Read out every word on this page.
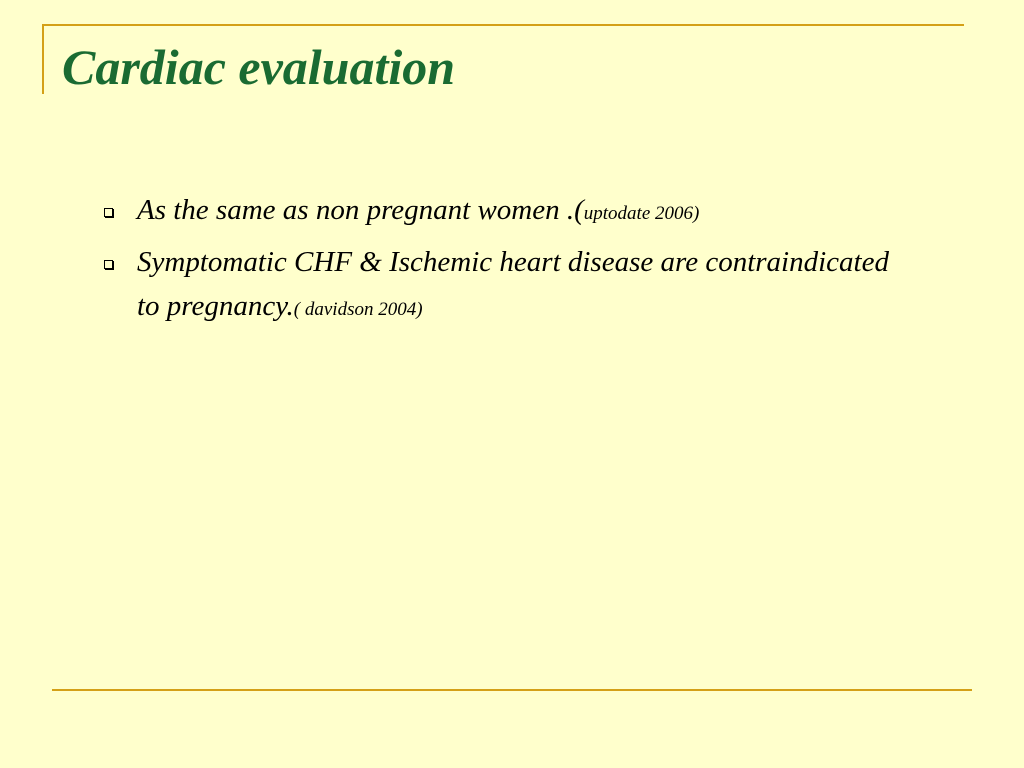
Cardiac evaluation
As the same as non pregnant women .(uptodate 2006)
Symptomatic CHF & Ischemic heart disease are contraindicated to pregnancy.( davidson 2004)
